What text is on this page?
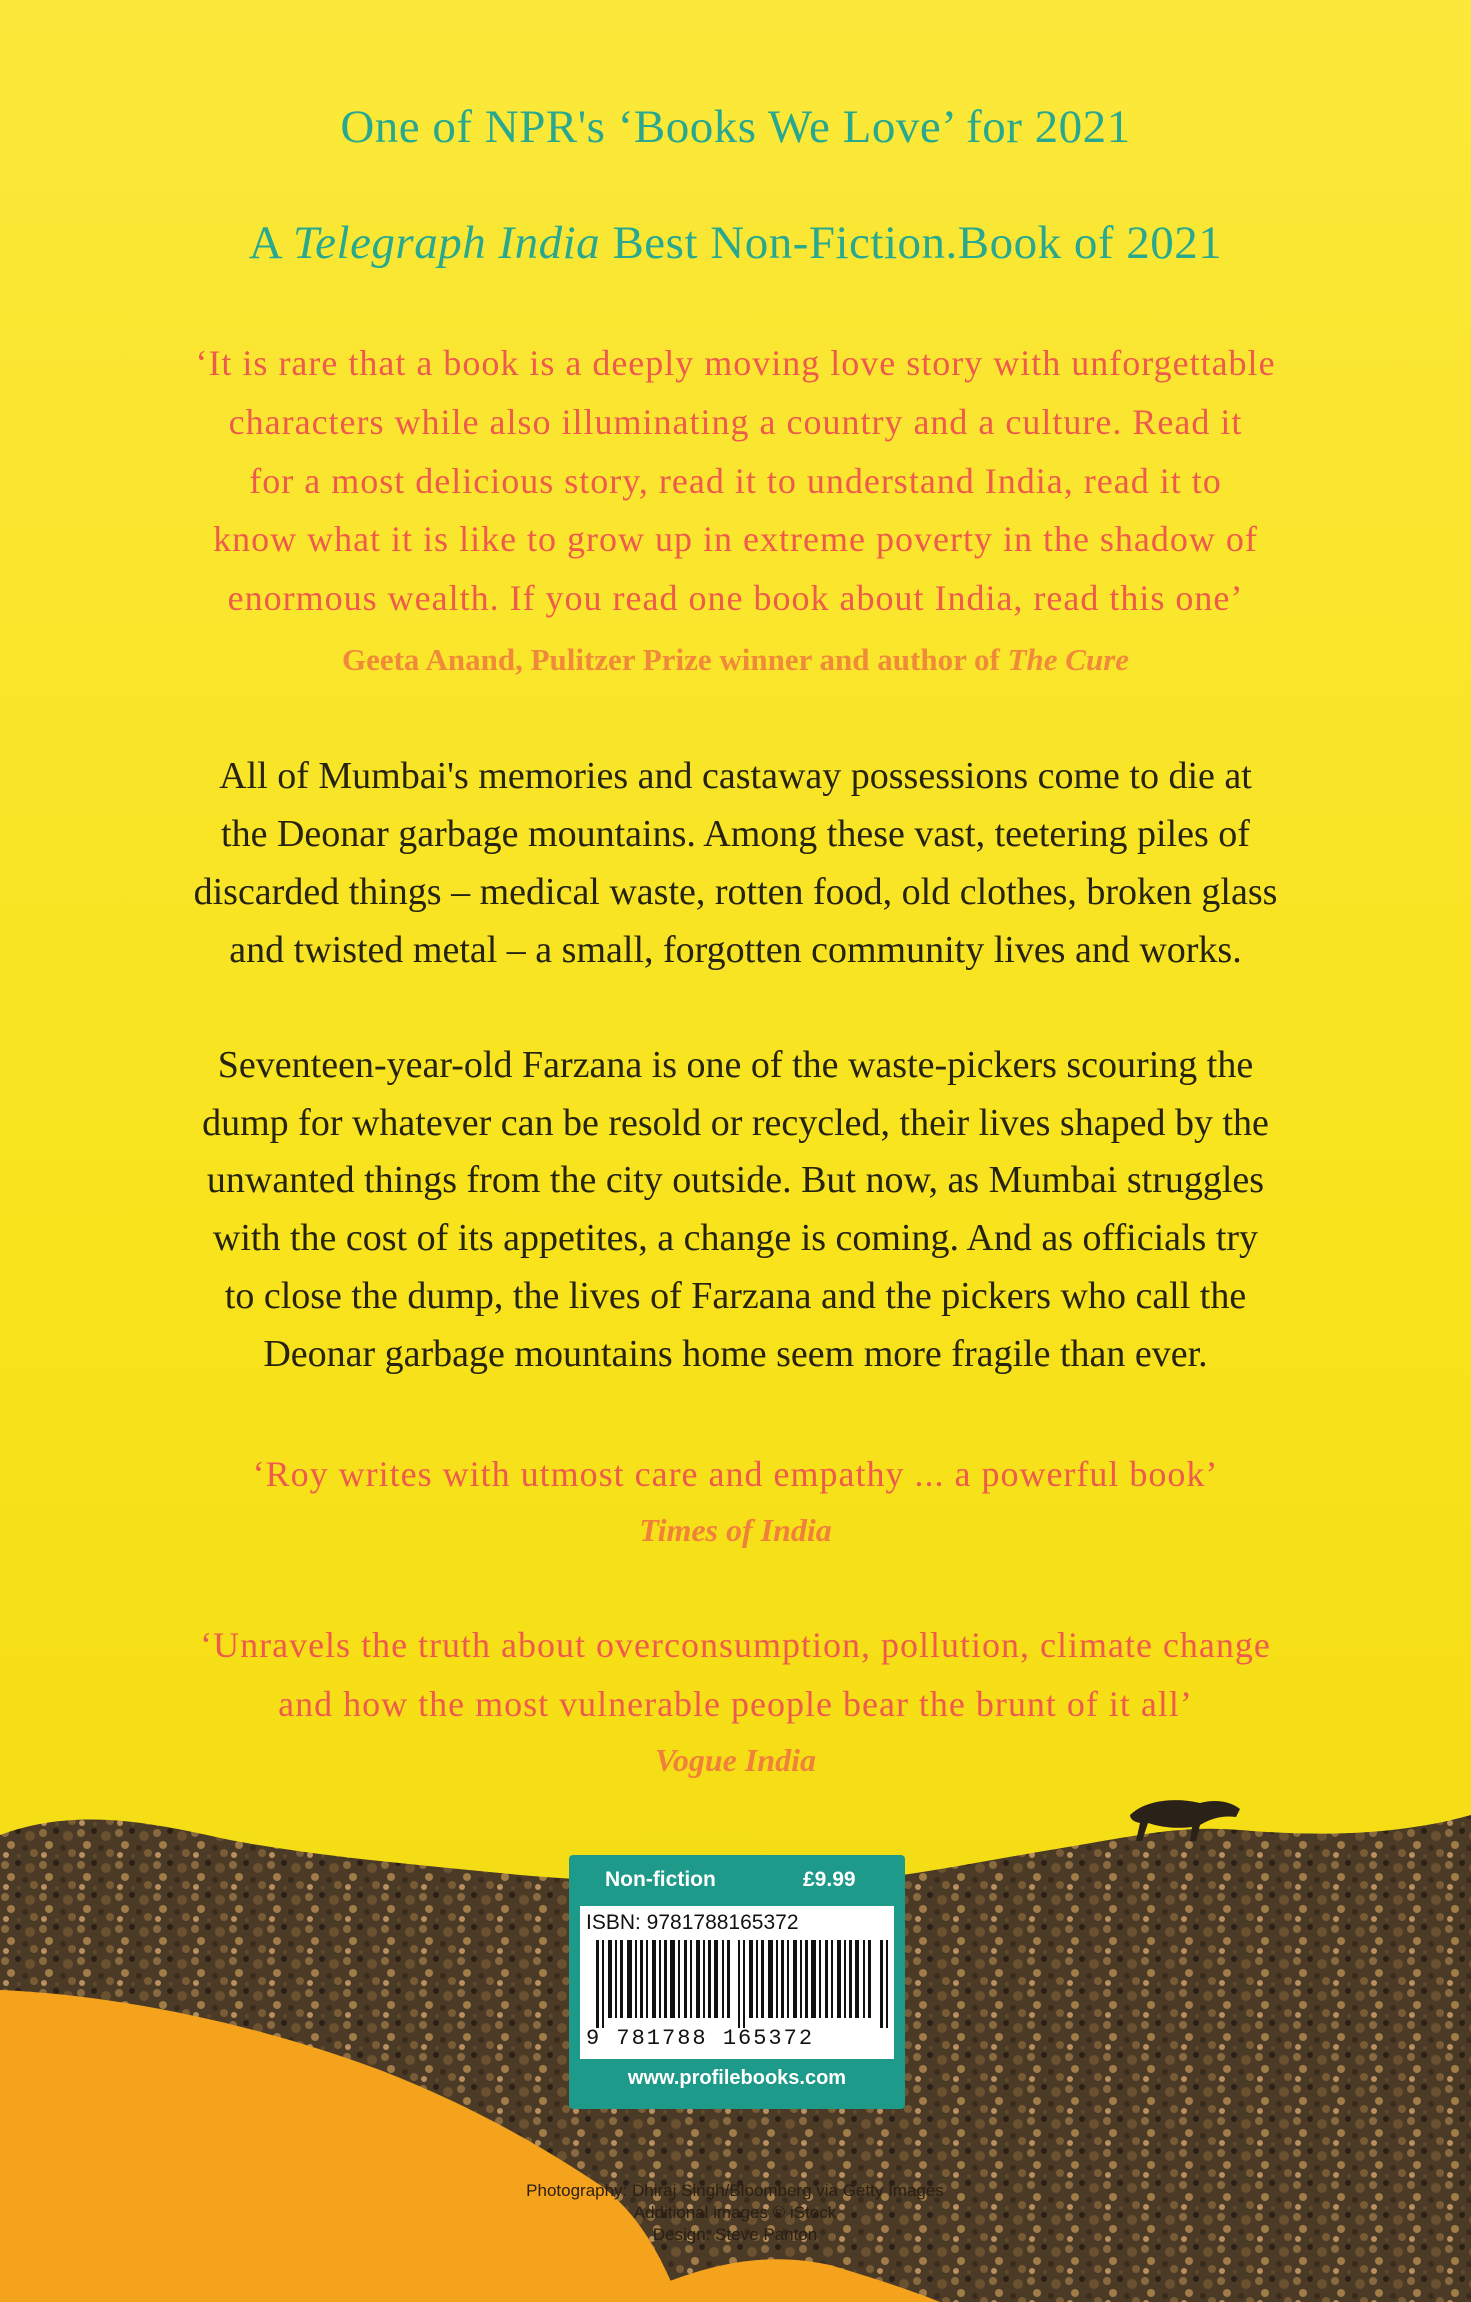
One of NPR's ‘Books We Love’ for 2021

A Telegraph India Best Non-Fiction.Book of 2021

‘It is rare that a book is a deeply moving love story with unforgettable

characters while also illuminating a country and a culture. Read it

for a most delicious story, read it to understand India, read it to

know what it is like to grow up in extreme poverty in the shadow of

enormous wealth. If you read one book about India, read this one’

Geeta Anand, Pulitzer Prize winner and author of The Cure

All of Mumbai's memories and castaway possessions come to die at

the Deonar garbage mountains. Among these vast, teetering piles of

discarded things – medical waste, rotten food, old clothes, broken glass

and twisted metal – a small, forgotten community lives and works.

Seventeen-year-old Farzana is one of the waste-pickers scouring the

dump for whatever can be resold or recycled, their lives shaped by the

unwanted things from the city outside. But now, as Mumbai struggles

with the cost of its appetites, a change is coming. And as officials try

to close the dump, the lives of Farzana and the pickers who call the

Deonar garbage mountains home seem more fragile than ever.

‘Roy writes with utmost care and empathy ... a powerful book’

Times of India

‘Unravels the truth about overconsumption, pollution, climate change

and how the most vulnerable people bear the brunt of it all’

Vogue India

Non-fiction	£9.99
ISBN: 9781788165372
9 781788 165372
www.profilebooks.com
Photography: Dhiraj Singh/Bloomberg via Getty Images
Additional images © iStock
Design: Steve Panton
